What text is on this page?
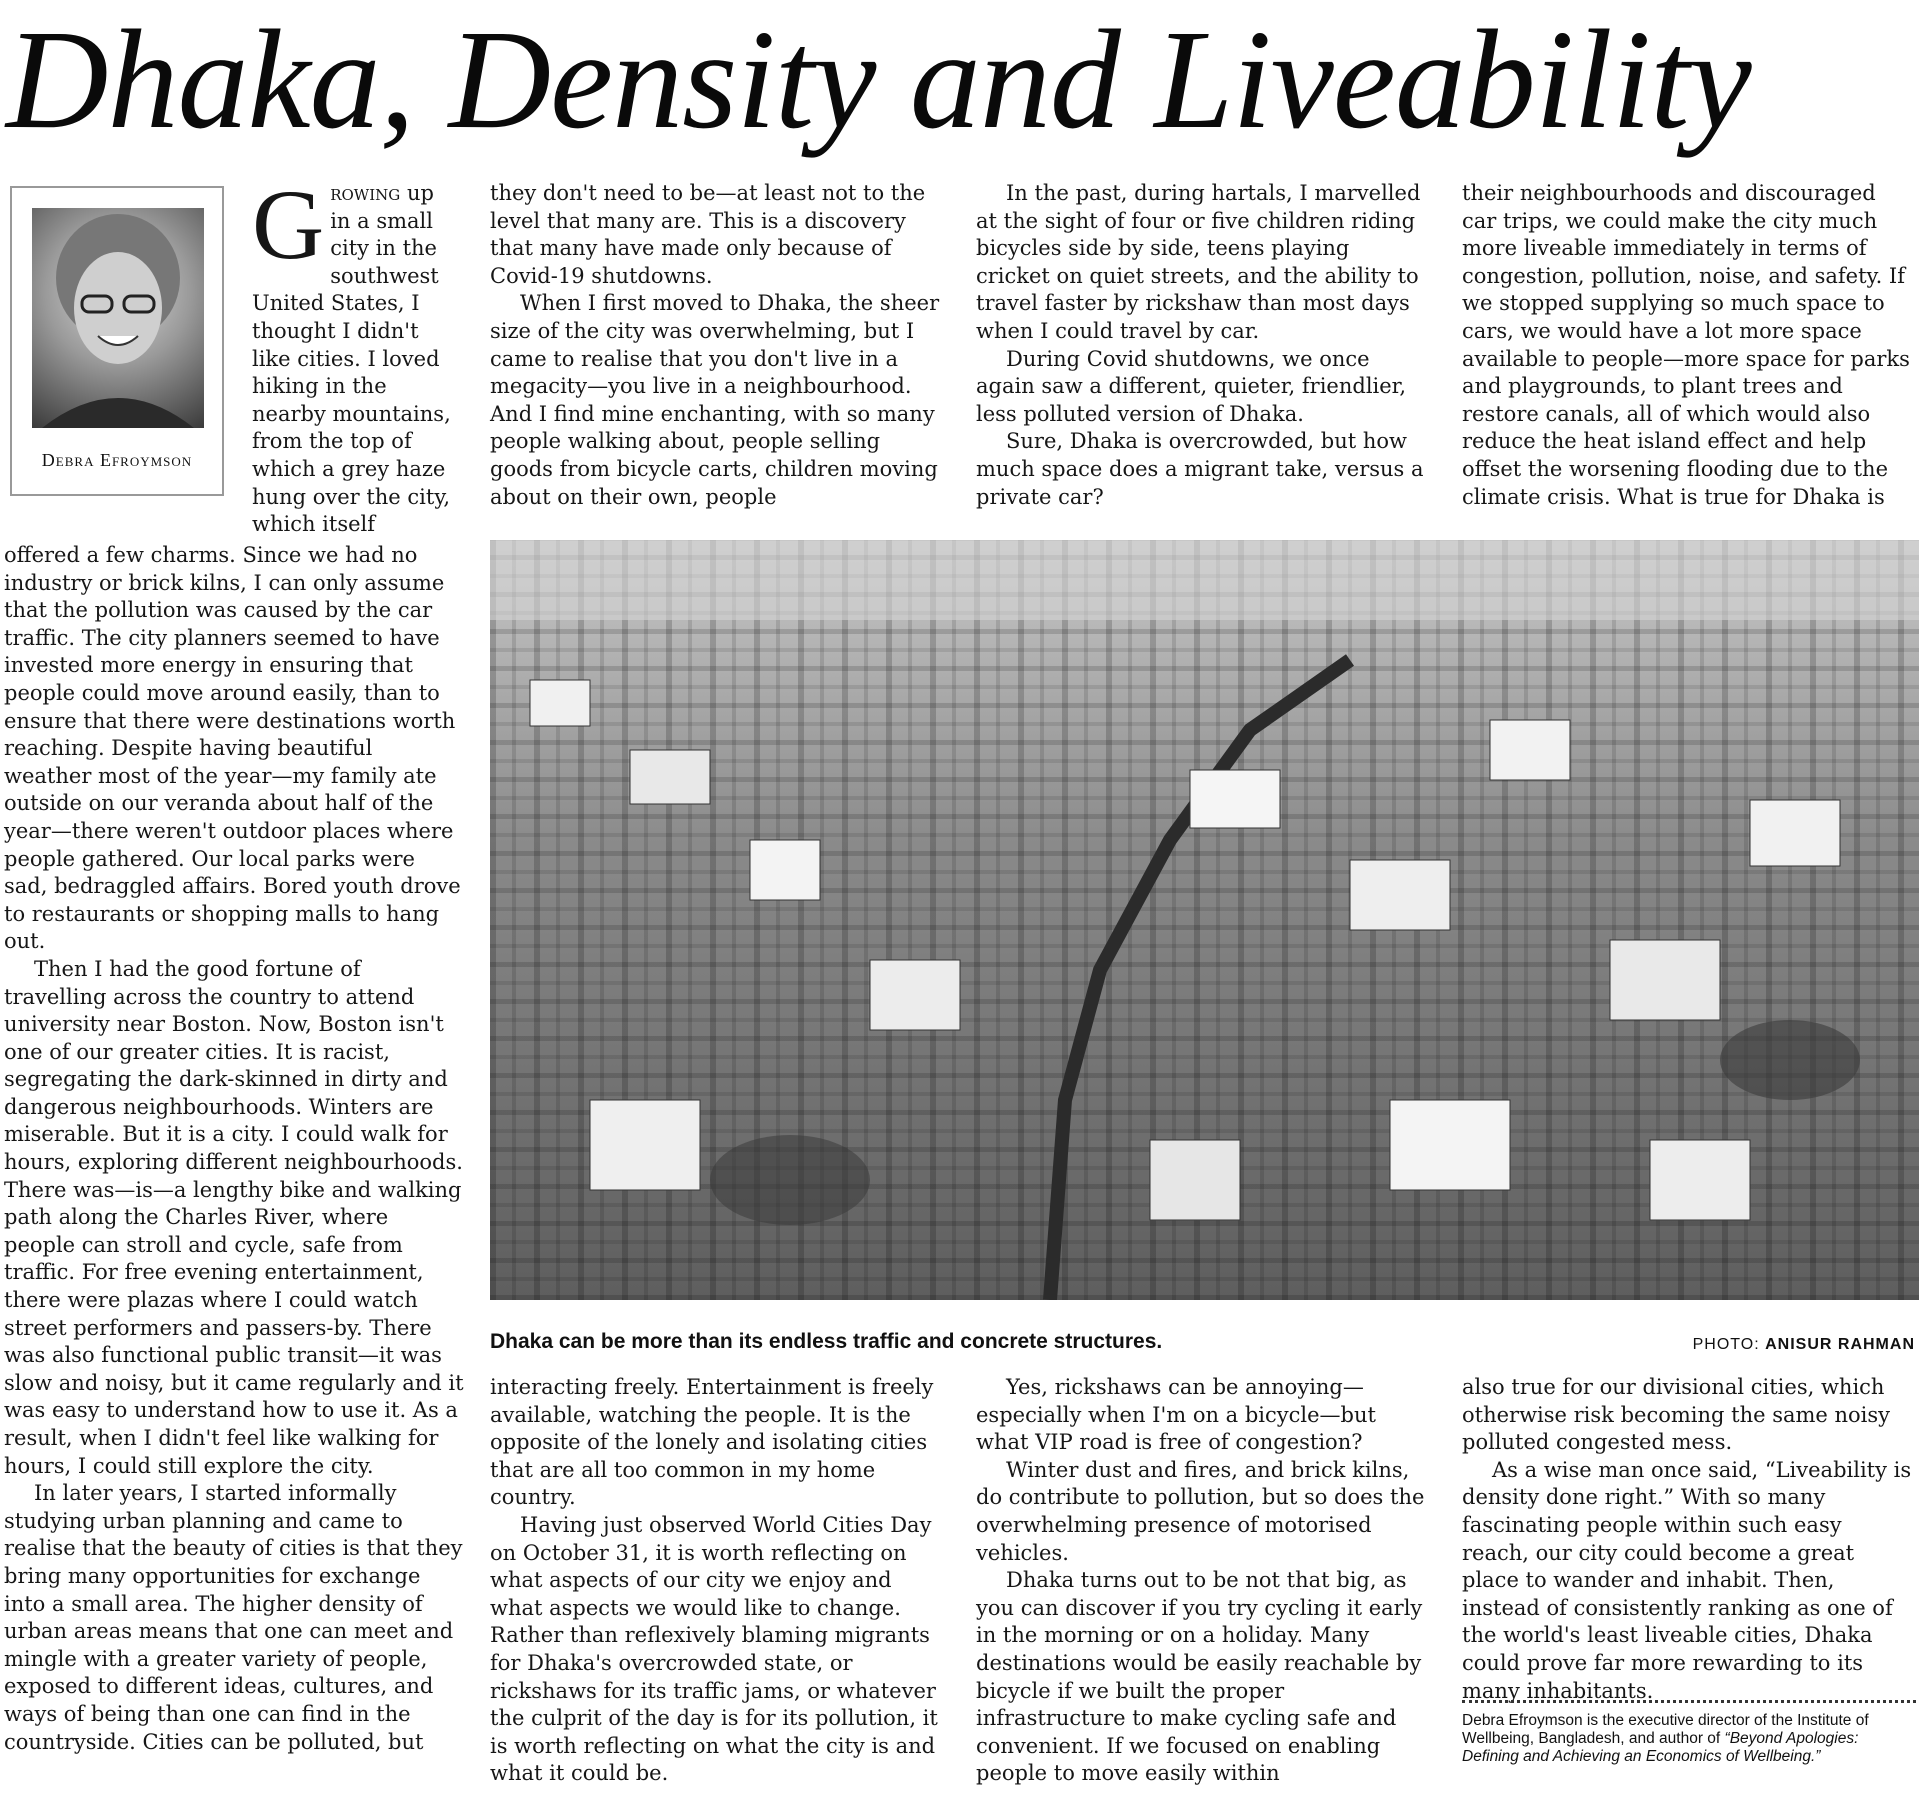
Dhaka, Density and Liveability
Debra Efroymson

Growing up in a small city in the southwest United States, I thought I didn't like cities. I loved hiking in the nearby mountains, from the top of which a grey haze hung over the city, which itself

offered a few charms. Since we had no industry or brick kilns, I can only assume that the pollution was caused by the car traffic. The city planners seemed to have invested more energy in ensuring that people could move around easily, than to ensure that there were destinations worth reaching. Despite having beautiful weather most of the year—my family ate outside on our veranda about half of the year—there weren't outdoor places where people gathered. Our local parks were sad, bedraggled affairs. Bored youth drove to restaurants or shopping malls to hang out.

Then I had the good fortune of travelling across the country to attend university near Boston. Now, Boston isn't one of our greater cities. It is racist, segregating the dark-skinned in dirty and dangerous neighbourhoods. Winters are miserable. But it is a city. I could walk for hours, exploring different neighbourhoods. There was—is—a lengthy bike and walking path along the Charles River, where people can stroll and cycle, safe from traffic. For free evening entertainment, there were plazas where I could watch street performers and passers-by. There was also functional public transit—it was slow and noisy, but it came regularly and it was easy to understand how to use it. As a result, when I didn't feel like walking for hours, I could still explore the city.

In later years, I started informally studying urban planning and came to realise that the beauty of cities is that they bring many opportunities for exchange into a small area. The higher density of urban areas means that one can meet and mingle with a greater variety of people, exposed to different ideas, cultures, and ways of being than one can find in the countryside. Cities can be polluted, but

they don't need to be—at least not to the level that many are. This is a discovery that many have made only because of Covid-19 shutdowns.

When I first moved to Dhaka, the sheer size of the city was overwhelming, but I came to realise that you don't live in a megacity—you live in a neighbourhood. And I find mine enchanting, with so many people walking about, people selling goods from bicycle carts, children moving about on their own, people

In the past, during hartals, I marvelled at the sight of four or five children riding bicycles side by side, teens playing cricket on quiet streets, and the ability to travel faster by rickshaw than most days when I could travel by car.

During Covid shutdowns, we once again saw a different, quieter, friendlier, less polluted version of Dhaka.

Sure, Dhaka is overcrowded, but how much space does a migrant take, versus a private car?

their neighbourhoods and discouraged car trips, we could make the city much more liveable immediately in terms of congestion, pollution, noise, and safety. If we stopped supplying so much space to cars, we would have a lot more space available to people—more space for parks and playgrounds, to plant trees and restore canals, all of which would also reduce the heat island effect and help offset the worsening flooding due to the climate crisis. What is true for Dhaka is

Dhaka can be more than its endless traffic and concrete structures.	PHOTO: ANISUR RAHMAN

interacting freely. Entertainment is freely available, watching the people. It is the opposite of the lonely and isolating cities that are all too common in my home country.

Having just observed World Cities Day on October 31, it is worth reflecting on what aspects of our city we enjoy and what aspects we would like to change. Rather than reflexively blaming migrants for Dhaka's overcrowded state, or rickshaws for its traffic jams, or whatever the culprit of the day is for its pollution, it is worth reflecting on what the city is and what it could be.

Yes, rickshaws can be annoying—especially when I'm on a bicycle—but what VIP road is free of congestion?

Winter dust and fires, and brick kilns, do contribute to pollution, but so does the overwhelming presence of motorised vehicles.

Dhaka turns out to be not that big, as you can discover if you try cycling it early in the morning or on a holiday. Many destinations would be easily reachable by bicycle if we built the proper infrastructure to make cycling safe and convenient. If we focused on enabling people to move easily within

also true for our divisional cities, which otherwise risk becoming the same noisy polluted congested mess.

As a wise man once said, “Liveability is density done right.” With so many fascinating people within such easy reach, our city could become a great place to wander and inhabit. Then, instead of consistently ranking as one of the world's least liveable cities, Dhaka could prove far more rewarding to its many inhabitants.

Debra Efroymson is the executive director of the Institute of Wellbeing, Bangladesh, and author of “Beyond Apologies: Defining and Achieving an Economics of Wellbeing.”
